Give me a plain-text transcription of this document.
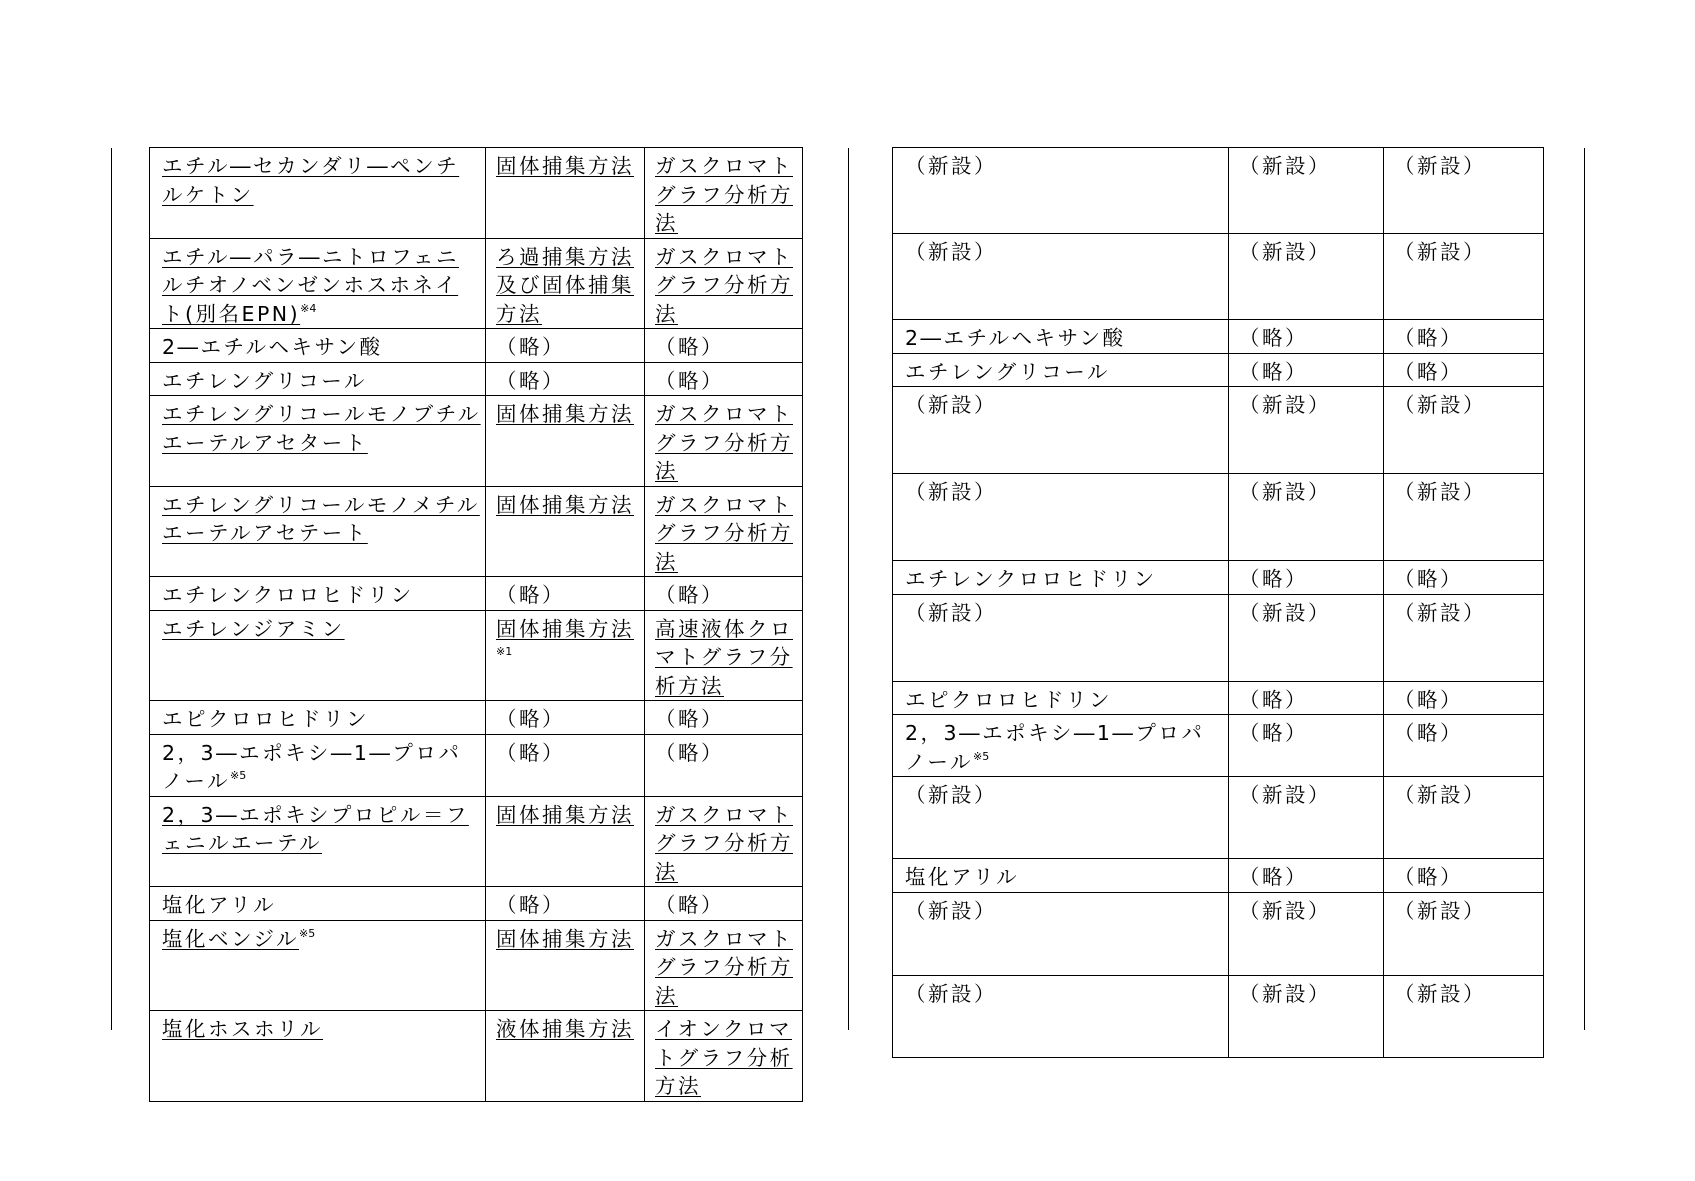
エチル―セカンダリ―ペンチルケトン	固体捕集方法	ガスクロマトグラフ分析方法
エチル―パラ―ニトロフェニルチオノベンゼンホスホネイト(別名EPN)$^{※4}$	ろ過捕集方法及び固体捕集方法	ガスクロマトグラフ分析方法
2―エチルヘキサン酸	（略）	（略）
エチレングリコール	（略）	（略）
エチレングリコールモノブチルエーテルアセタート	固体捕集方法	ガスクロマトグラフ分析方法
エチレングリコールモノメチルエーテルアセテート	固体捕集方法	ガスクロマトグラフ分析方法
エチレンクロロヒドリン	（略）	（略）
エチレンジアミン	固体捕集方法$^{※1}$	高速液体クロマトグラフ分析方法
エピクロロヒドリン	（略）	（略）
2，3―エポキシ―1―プロパノール$^{※5}$	（略）	（略）
2，3―エポキシプロピル＝フェニルエーテル	固体捕集方法	ガスクロマトグラフ分析方法
塩化アリル	（略）	（略）
塩化ベンジル$^{※5}$	固体捕集方法	ガスクロマトグラフ分析方法
塩化ホスホリル	液体捕集方法	イオンクロマトグラフ分析方法
（新設）	（新設）	（新設）
（新設）	（新設）	（新設）
2―エチルヘキサン酸	（略）	（略）
エチレングリコール	（略）	（略）
（新設）	（新設）	（新設）
（新設）	（新設）	（新設）
エチレンクロロヒドリン	（略）	（略）
（新設）	（新設）	（新設）
エピクロロヒドリン	（略）	（略）
2，3―エポキシ―1―プロパノール$^{※5}$	（略）	（略）
（新設）	（新設）	（新設）
塩化アリル	（略）	（略）
（新設）	（新設）	（新設）
（新設）	（新設）	（新設）
